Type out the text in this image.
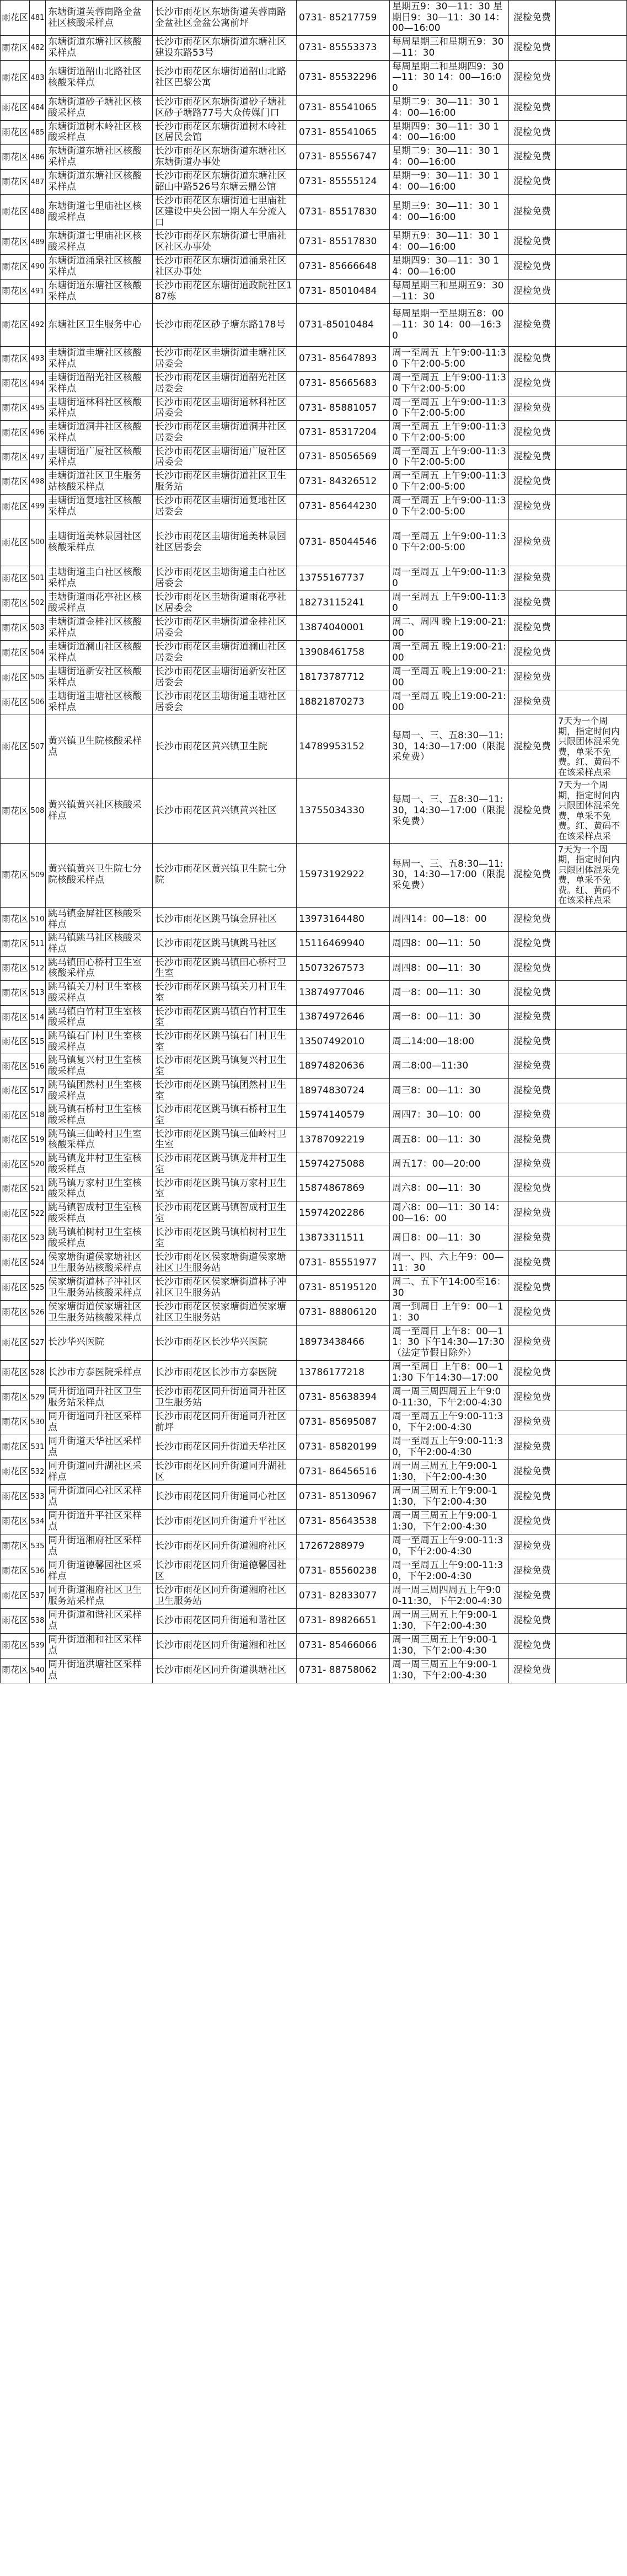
雨花区	481	东塘街道芙蓉南路金盆社区核酸采样点	长沙市雨花区东塘街道芙蓉南路金盆社区金盆公寓前坪	0731- 85217759	星期五9：30—11：30 星期日9：30—11：30 14：00—16:00	混检免费	
雨花区	482	东塘街道东塘社区核酸采样点	长沙市雨花区东塘街道东塘社区建设东路53号	0731- 85553373	每周星期三和星期五9：30—11：30	混检免费	
雨花区	483	东塘街道韶山北路社区核酸采样点	长沙市雨花区东塘街道韶山北路社区巴黎公寓	0731- 85532296	每周星期二和星期四9：30—11：30 14：00—16:00	混检免费	
雨花区	484	东塘街道砂子塘社区核酸采样点	长沙市雨花区东塘街道砂子塘社区砂子塘路77号大众传媒门口	0731- 85541065	星期二9：30—11：30 14：00—16:00	混检免费	
雨花区	485	东塘街道树木岭社区核酸采样点	长沙市雨花区东塘街道树木岭社区居民会馆	0731- 85541065	星期四9：30—11：30 14：00—16:00	混检免费	
雨花区	486	东塘街道东塘社区核酸采样点	长沙市雨花区东塘街道东塘社区东塘街道办事处	0731- 85556747	星期二9：30—11：30 14：00—16:00	混检免费	
雨花区	487	东塘街道东塘社区核酸采样点	长沙市雨花区东塘街道东塘社区韶山中路526号东塘云鼎公馆	0731- 85555124	星期一9：30—11：30 14：00—16:00	混检免费	
雨花区	488	东塘街道七里庙社区核酸采样点	长沙市雨花区东塘街道七里庙社区建设中央公园一期人车分流入口	0731- 85517830	星期三9：30—11：30 14：00—16:00	混检免费	
雨花区	489	东塘街道七里庙社区核酸采样点	长沙市雨花区东塘街道七里庙社区社区办事处	0731- 85517830	星期五9：30—11：30 14：00—16:00	混检免费	
雨花区	490	东塘街道涌泉社区核酸采样点	长沙市雨花区东塘街道涌泉社区社区办事处	0731- 85666648	星期四9：30—11：30 14：00—16:00	混检免费	
雨花区	491	东塘街道东塘社区核酸采样点	长沙市雨花区东塘街道政院社区187栋	0731- 85010484	每周星期三和星期五9：30—11：30	混检免费	
雨花区	492	东塘社区卫生服务中心	长沙市雨花区砂子塘东路178号	0731-85010484	每周星期一至星期五8：00—11：30 14：00—16:30	混检免费	
雨花区	493	圭塘街道圭塘社区核酸采样点	长沙市雨花区圭塘街道圭塘社区居委会	0731- 85647893	周一至周五 上午9:00-11:30 下午2:00-5:00	混检免费	
雨花区	494	圭塘街道韶光社区核酸采样点	长沙市雨花区圭塘街道韶光社区居委会	0731- 85665683	周一至周五 上午9:00-11:30 下午2:00-5:00	混检免费	
雨花区	495	圭塘街道林科社区核酸采样点	长沙市雨花区圭塘街道林科社区居委会	0731- 85881057	周一至周五 上午9:00-11:30 下午2:00-5:00	混检免费	
雨花区	496	圭塘街道洞井社区核酸采样点	长沙市雨花区圭塘街道洞井社区居委会	0731- 85317204	周一至周五 上午9:00-11:30 下午2:00-5:00	混检免费	
雨花区	497	圭塘街道广厦社区核酸采样点	长沙市雨花区圭塘街道广厦社区居委会	0731- 85056569	周一至周五 上午9:00-11:30 下午2:00-5:00	混检免费	
雨花区	498	圭塘街道社区卫生服务站核酸采样点	长沙市雨花区圭塘街道社区卫生服务站	0731- 84326512	周一至周五 上午9:00-11:30 下午2:00-5:00	混检免费	
雨花区	499	圭塘街道复地社区核酸采样点	长沙市雨花区圭塘街道复地社区居委会	0731- 85644230	周一至周五 上午9:00-11:30 下午2:00-5:00	混检免费	
雨花区	500	圭塘街道美林景园社区核酸采样点	长沙市雨花区圭塘街道美林景园社区居委会	0731- 85044546	周一至周五 上午9:00-11:30 下午2:00-5:00	混检免费	
雨花区	501	圭塘街道圭白社区核酸采样点	长沙市雨花区圭塘街道圭白社区居委会	13755167737	周一至周五 上午9:00-11:30	混检免费	
雨花区	502	圭塘街道雨花亭社区核酸采样点	长沙市雨花区圭塘街道雨花亭社区居委会	18273115241	周一至周五 上午9:00-11:30	混检免费	
雨花区	503	圭塘街道金桂社区核酸采样点	长沙市雨花区圭塘街道金桂社区居委会	13874040001	周二、周四 晚上19:00-21:00	混检免费	
雨花区	504	圭塘街道澜山社区核酸采样点	长沙市雨花区圭塘街道澜山社区居委会	13908461758	周一至周五 晚上19:00-21:00	混检免费	
雨花区	505	圭塘街道新安社区核酸采样点	长沙市雨花区圭塘街道新安社区居委会	18173787712	周一至周五 晚上19:00-21:00	混检免费	
雨花区	506	圭塘街道圭塘社区核酸采样点	长沙市雨花区圭塘街道圭塘社区居委会	18821870273	周一至周五 晚上19:00-21:00	混检免费	
雨花区	507	黄兴镇卫生院核酸采样点	长沙市雨花区黄兴镇卫生院	14789953152	每周一、三、五8:30—11:30，14:30—17:00（限混采免费）	混检免费	7天为一个周期，指定时间内只限团体混采免费，单采不免费。红、黄码不在该采样点采
雨花区	508	黄兴镇黄兴社区核酸采样点	长沙市雨花区黄兴镇黄兴社区	13755034330	每周一、三、五8:30—11:30，14:30—17:00（限混采免费）	混检免费	7天为一个周期，指定时间内只限团体混采免费，单采不免费。红、黄码不在该采样点采
雨花区	509	黄兴镇黄兴卫生院七分院核酸采样点	长沙市雨花区黄兴镇卫生院七分院	15973192922	每周一、三、五8:30—11:30，14:30—17:00（限混采免费）	混检免费	7天为一个周期，指定时间内只限团体混采免费，单采不免费。红、黄码不在该采样点采
雨花区	510	跳马镇金屏社区核酸采样点	长沙市雨花区跳马镇金屏社区	13973164480	周四14：00—18：00	混检免费	
雨花区	511	跳马镇跳马社区核酸采样点	长沙市雨花区跳马镇跳马社区	15116469940	周四8：00—11：50	混检免费	
雨花区	512	跳马镇田心桥村卫生室核酸采样点	长沙市雨花区跳马镇田心桥村卫生室	15073267573	周四8：00—11：30	混检免费	
雨花区	513	跳马镇关刀村卫生室核酸采样点	长沙市雨花区跳马镇关刀村卫生室	13874977046	周一8：00—11：30	混检免费	
雨花区	514	跳马镇白竹村卫生室核酸采样点	长沙市雨花区跳马镇白竹村卫生室	13874972646	周一8：00—11：30	混检免费	
雨花区	515	跳马镇石门村卫生室核酸采样点	长沙市雨花区跳马镇石门村卫生室	13507492010	周二14:00—18:00	混检免费	
雨花区	516	跳马镇复兴村卫生室核酸采样点	长沙市雨花区跳马镇复兴村卫生室	18974820636	周二8:00—11:30	混检免费	
雨花区	517	跳马镇团然村卫生室核酸采样点	长沙市雨花区跳马镇团然村卫生室	18974830724	周三8：00—11：30	混检免费	
雨花区	518	跳马镇石桥村卫生室核酸采样点	长沙市雨花区跳马镇石桥村卫生室	15974140579	周四7：30—10：00	混检免费	
雨花区	519	跳马镇三仙岭村卫生室核酸采样点	长沙市雨花区跳马镇三仙岭村卫生室	13787092219	周五8：00—11：30	混检免费	
雨花区	520	跳马镇龙井村卫生室核酸采样点	长沙市雨花区跳马镇龙井村卫生室	15974275088	周五17：00—20:00	混检免费	
雨花区	521	跳马镇万家村卫生室核酸采样点	长沙市雨花区跳马镇万家村卫生室	15874867869	周六8：00—11：30	混检免费	
雨花区	522	跳马镇智成村卫生室核酸采样点	长沙市雨花区跳马镇智成村卫生室	15974202286	周六8：00—11：30 14：00—16：00	混检免费	
雨花区	523	跳马镇柏树村卫生室核酸采样点	长沙市雨花区跳马镇柏树村卫生室	13873311511	周日8：00—11：30	混检免费	
雨花区	524	侯家塘街道侯家塘社区卫生服务站核酸采样点	长沙市雨花区侯家塘街道侯家塘社区卫生服务站	0731- 85551977	周一、四、六上午9：00—11：30	混检免费	
雨花区	525	侯家塘街道林子冲社区卫生服务站核酸采样点	长沙市雨花区侯家塘街道林子冲社区卫生服务站	0731- 85195120	周二、五下午14:00至16：30	混检免费	
雨花区	526	侯家塘街道侯家塘社区卫生服务站核酸采样点	长沙市雨花区侯家塘街道侯家塘社区卫生服务站	0731- 88806120	周一到周日 上午9：00—11：30	混检免费	
雨花区	527	长沙华兴医院	长沙市雨花区长沙华兴医院	18973438466	周一至周日 上午8：00—11：30 下午14:30—17:30（法定节假日除外）	混检免费	
雨花区	528	长沙市方泰医院采样点	长沙市雨花区长沙市方泰医院	13786177218	周一至周日 上午8：00—11:30 下午14:30—17:00	混检免费	
雨花区	529	同升街道同升社区卫生服务站采样点	长沙市雨花区同升街道同升社区卫生服务站	0731- 85638394	周一周三周四周五上午9:00-11:30，下午2:00-4:30	混检免费	
雨花区	530	同升街道同升社区采样点	长沙市雨花区同升街道同升社区前坪	0731- 85695087	周一至周五上午9:00-11:30，下午2:00-4:30	混检免费	
雨花区	531	同升街道天华社区采样点	长沙市雨花区同升街道天华社区	0731- 85820199	周一至周五上午9:00-11:30，下午2:00-4:30	混检免费	
雨花区	532	同升街道同升湖社区采样点	长沙市雨花区同升街道同升湖社区	0731- 86456516	周一周三周五上午9:00-11:30，下午2:00-4:30	混检免费	
雨花区	533	同升街道同心社区采样点	长沙市雨花区同升街道同心社区	0731- 85130967	周一周三周五上午9:00-11:30，下午2:00-4:30	混检免费	
雨花区	534	同升街道升平社区采样点	长沙市雨花区同升街道升平社区	0731- 85643538	周一周三周五上午9:00-11:30，下午2:00-4:30	混检免费	
雨花区	535	同升街道湘府社区采样点	长沙市雨花区同升街道湘府社区	17267288979	周一至周五上午9:00-11:30，下午2:00-4:30	混检免费	
雨花区	536	同升街道德馨园社区采样点	长沙市雨花区同升街道德馨园社区	0731- 85560238	周一至周五上午9:00-11:30，下午2:00-4:30	混检免费	
雨花区	537	同升街道湘府社区卫生服务站采样点	长沙市雨花区同升街道湘府社区卫生服务站	0731- 82833077	周一周三周四周五上午9:00-11:30，下午2:00-4:30	混检免费	
雨花区	538	同升街道和谐社区采样点	长沙市雨花区同升街道和谐社区	0731- 89826651	周一周三周五上午9:00-11:30，下午2:00-4:30	混检免费	
雨花区	539	同升街道湘和社区采样点	长沙市雨花区同升街道湘和社区	0731- 85466066	周一周三周五上午9:00-11:30，下午2:00-4:30	混检免费	
雨花区	540	同升街道洪塘社区采样点	长沙市雨花区同升街道洪塘社区	0731- 88758062	周一周三周五上午9:00-11:30，下午2:00-4:30	混检免费	
